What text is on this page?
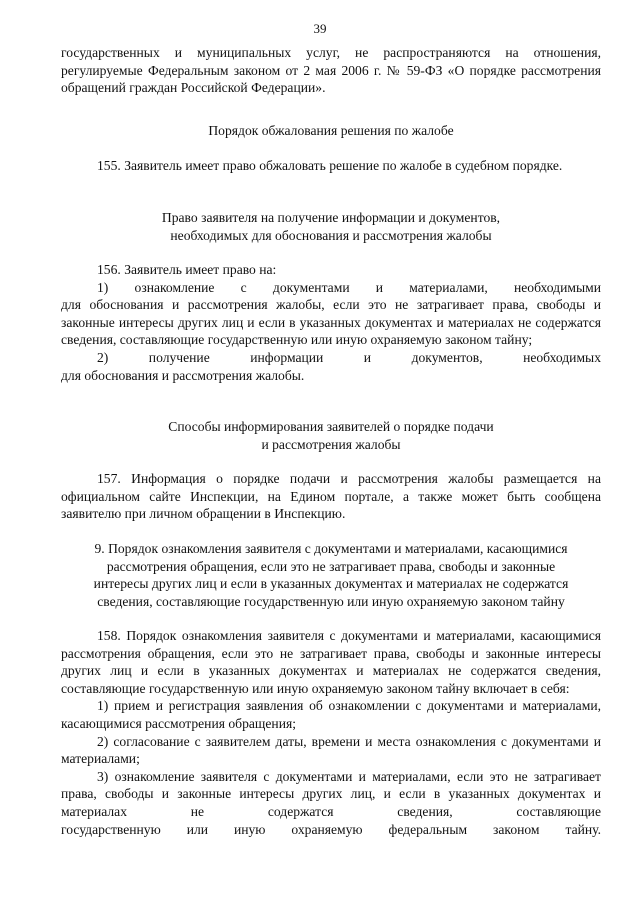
39

государственных и муниципальных услуг, не распространяются на отношения, регулируемые Федеральным законом от 2 мая 2006 г. № 59-ФЗ «О порядке рассмотрения обращений граждан Российской Федерации».

Порядок обжалования решения по жалобе

155. Заявитель имеет право обжаловать решение по жалобе в судебном порядке.

Право заявителя на получение информации и документов,

необходимых для обоснования и рассмотрения жалобы

156. Заявитель имеет право на:

1)   ознакомление   с   документами   и   материалами,   необходимыми

для обоснования и рассмотрения жалобы, если это не затрагивает права, свободы и законные интересы других лиц и если в указанных документах и материалах не содержатся сведения, составляющие государственную или иную охраняемую законом тайну;

2) получение информации и документов, необходимых

для обоснования и рассмотрения жалобы.

Способы информирования заявителей о порядке подачи

и рассмотрения жалобы

157. Информация о порядке подачи и рассмотрения жалобы размещается на официальном сайте Инспекции, на Едином портале, а также может быть сообщена заявителю при личном обращении в Инспекцию.

9. Порядок ознакомления заявителя с документами и материалами, касающимися

рассмотрения обращения, если это не затрагивает права, свободы и законные

интересы других лиц и если в указанных документах и материалах не содержатся

сведения, составляющие государственную или иную охраняемую законом тайну

158. Порядок ознакомления заявителя с документами и материалами, касающимися рассмотрения обращения, если это не затрагивает права, свободы и законные интересы других лиц и если в указанных документах и материалах не содержатся сведения, составляющие государственную или иную охраняемую законом тайну включает в себя:

1) прием и регистрация заявления об ознакомлении с документами и материалами, касающимися рассмотрения обращения;

2) согласование с заявителем даты, времени и места ознакомления с документами и материалами;

3) ознакомление заявителя с документами и материалами, если это не затрагивает права, свободы и законные интересы других лиц, и если в указанных документах и материалах не содержатся сведения, составляющие

государственную или иную охраняемую федеральным законом тайну.
